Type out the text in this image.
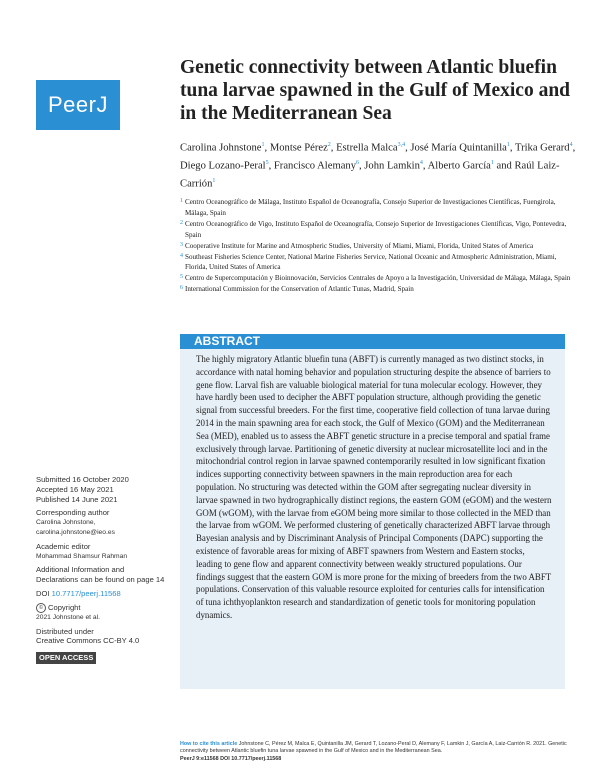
PeerJ
Genetic connectivity between Atlantic bluefin tuna larvae spawned in the Gulf of Mexico and in the Mediterranean Sea
Carolina Johnstone$^1$, Montse Pérez$^2$, Estrella Malca$^{3,4}$, José María Quintanilla$^1$, Trika Gerard$^4$, Diego Lozano-Peral$^5$, Francisco Alemany$^6$, John Lamkin$^4$, Alberto García$^1$ and Raúl Laiz-Carrión$^1$
1 Centro Oceanográfico de Málaga, Instituto Español de Oceanografía, Consejo Superior de Investigaciones Científicas, Fuengirola, Málaga, Spain
2 Centro Oceanográfico de Vigo, Instituto Español de Oceanografía, Consejo Superior de Investigaciones Científicas, Vigo, Pontevedra, Spain
3 Cooperative Institute for Marine and Atmospheric Studies, University of Miami, Miami, Florida, United States of America
4 Southeast Fisheries Science Center, National Marine Fisheries Service, National Oceanic and Atmospheric Administration, Miami, Florida, United States of America
5 Centro de Supercomputación y Bioinnovación, Servicios Centrales de Apoyo a la Investigación, Universidad de Málaga, Málaga, Spain
6 International Commission for the Conservation of Atlantic Tunas, Madrid, Spain
ABSTRACT
The highly migratory Atlantic bluefin tuna (ABFT) is currently managed as two distinct stocks, in accordance with natal homing behavior and population structuring despite the absence of barriers to gene flow. Larval fish are valuable biological material for tuna molecular ecology. However, they have hardly been used to decipher the ABFT population structure, although providing the genetic signal from successful breeders. For the first time, cooperative field collection of tuna larvae during 2014 in the main spawning area for each stock, the Gulf of Mexico (GOM) and the Mediterranean Sea (MED), enabled us to assess the ABFT genetic structure in a precise temporal and spatial frame exclusively through larvae. Partitioning of genetic diversity at nuclear microsatellite loci and in the mitochondrial control region in larvae spawned contemporarily resulted in low significant fixation indices supporting connectivity between spawners in the main reproduction area for each population. No structuring was detected within the GOM after segregating nuclear diversity in larvae spawned in two hydrographically distinct regions, the eastern GOM (eGOM) and the western GOM (wGOM), with the larvae from eGOM being more similar to those collected in the MED than the larvae from wGOM. We performed clustering of genetically characterized ABFT larvae through Bayesian analysis and by Discriminant Analysis of Principal Components (DAPC) supporting the existence of favorable areas for mixing of ABFT spawners from Western and Eastern stocks, leading to gene flow and apparent connectivity between weakly structured populations. Our findings suggest that the eastern GOM is more prone for the mixing of breeders from the two ABFT populations. Conservation of this valuable resource exploited for centuries calls for intensification of tuna ichthyoplankton research and standardization of genetic tools for monitoring population dynamics.
Submitted 16 October 2020
Accepted 16 May 2021
Published 14 June 2021
Corresponding author
Carolina Johnstone,
carolina.johnstone@ieo.es
Academic editor
Mohammad Shamsur Rahman
Additional Information and Declarations can be found on page 14
DOI 10.7717/peerj.11568
© Copyright
2021 Johnstone et al.
Distributed under
Creative Commons CC-BY 4.0
OPEN ACCESS
How to cite this article Johnstone C, Pérez M, Malca E, Quintanilla JM, Gerard T, Lozano-Peral D, Alemany F, Lamkin J, García A, Laiz-Carrión R. 2021. Genetic connectivity between Atlantic bluefin tuna larvae spawned in the Gulf of Mexico and in the Mediterranean Sea.
PeerJ 9:e11568 DOI 10.7717/peerj.11568
